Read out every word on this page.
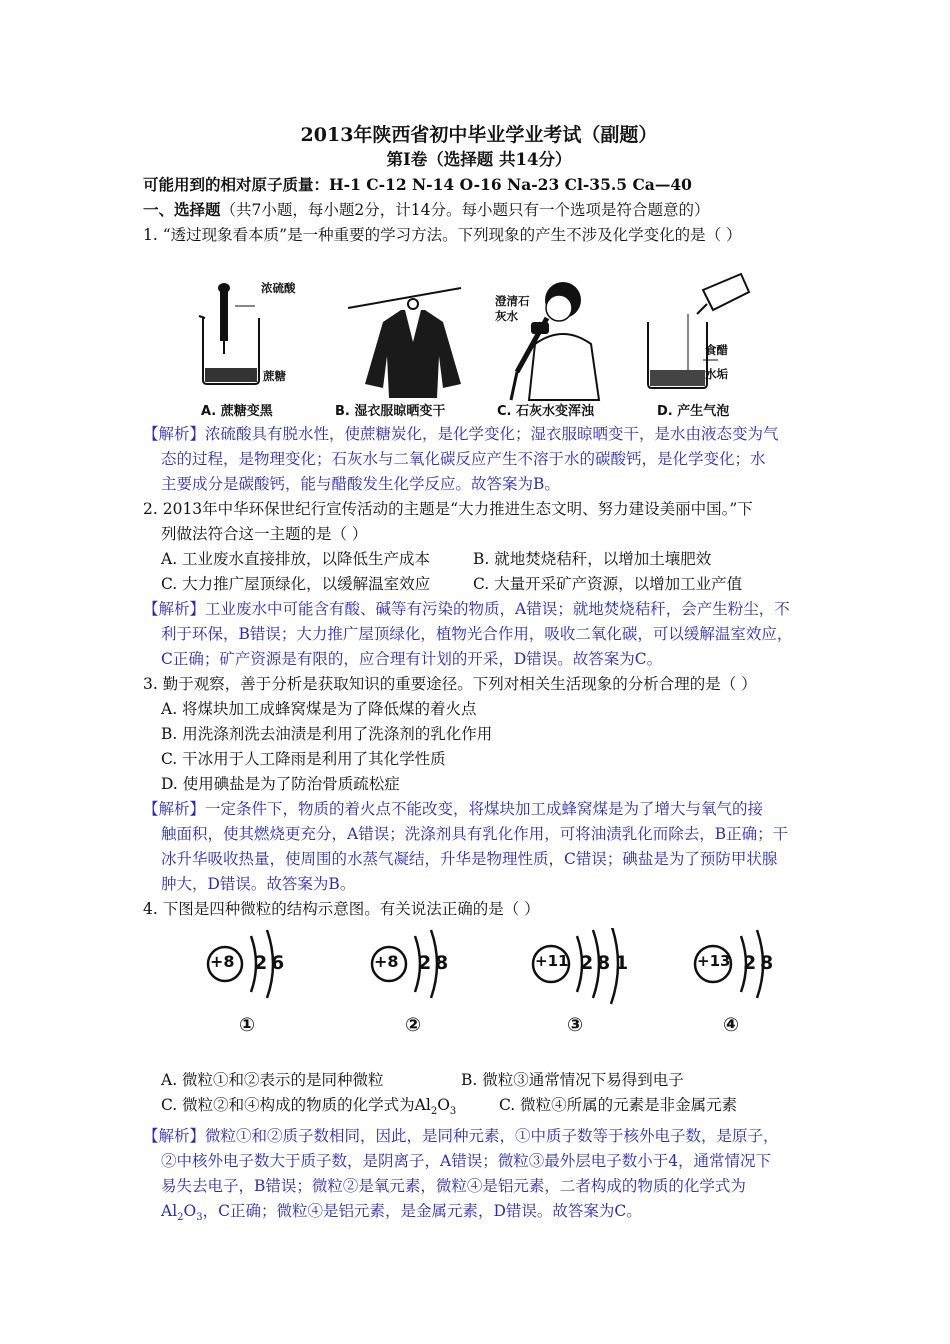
2013年陕西省初中毕业学业考试（副题）
第Ⅰ卷（选择题 共14分）
可能用到的相对原子质量：H-1 C-12 N-14 O-16 Na-23 Cl-35.5 Ca—40
一、选择题（共7小题，每小题2分，计14分。每小题只有一个选项是符合题意的）
1. “透过现象看本质”是一种重要的学习方法。下列现象的产生不涉及化学变化的是（ ）
浓硫酸
蔗糖
澄清石灰水
食醋
水垢
A. 蔗糖变黑	B. 湿衣服晾晒变干	C. 石灰水变浑浊	D. 产生气泡
【解析】浓硫酸具有脱水性，使蔗糖炭化，是化学变化；湿衣服晾晒变干，是水由液态变为气
态的过程，是物理变化；石灰水与二氧化碳反应产生不溶于水的碳酸钙，是化学变化；水
主要成分是碳酸钙，能与醋酸发生化学反应。故答案为B。
2. 2013年中华环保世纪行宣传活动的主题是“大力推进生态文明、努力建设美丽中国。”下
列做法符合这一主题的是（ ）
A. 工业废水直接排放，以降低生产成本	B. 就地焚烧秸秆，以增加土壤肥效
C. 大力推广屋顶绿化，以缓解温室效应	C. 大量开采矿产资源，以增加工业产值
【解析】工业废水中可能含有酸、碱等有污染的物质，A错误；就地焚烧秸秆，会产生粉尘，不
利于环保，B错误；大力推广屋顶绿化，植物光合作用，吸收二氧化碳，可以缓解温室效应，
C正确；矿产资源是有限的，应合理有计划的开采，D错误。故答案为C。
3. 勤于观察，善于分析是获取知识的重要途径。下列对相关生活现象的分析合理的是（ ）
A. 将煤块加工成蜂窝煤是为了降低煤的着火点
B. 用洗涤剂洗去油渍是利用了洗涤剂的乳化作用
C. 干冰用于人工降雨是利用了其化学性质
D. 使用碘盐是为了防治骨质疏松症
【解析】一定条件下，物质的着火点不能改变，将煤块加工成蜂窝煤是为了增大与氧气的接
触面积，使其燃烧更充分，A错误；洗涤剂具有乳化作用，可将油渍乳化而除去，B正确；干
冰升华吸收热量，使周围的水蒸气凝结，升华是物理性质，C错误；碘盐是为了预防甲状腺
肿大，D错误。故答案为B。
4. 下图是四种微粒的结构示意图。有关说法正确的是（ ）
+8 2 6	+8 2 8	+11 2 8 1	+13 2 8
①	②	③	④
A. 微粒①和②表示的是同种微粒	B. 微粒③通常情况下易得到电子
C. 微粒②和④构成的物质的化学式为$Al_2O_3$	C. 微粒④所属的元素是非金属元素
【解析】微粒①和②质子数相同，因此，是同种元素，①中质子数等于核外电子数，是原子，
②中核外电子数大于质子数，是阴离子，A错误；微粒③最外层电子数小于4，通常情况下
易失去电子，B错误；微粒②是氧元素，微粒④是铝元素，二者构成的物质的化学式为
$Al_2O_3$，C正确；微粒④是铝元素，是金属元素，D错误。故答案为C。
